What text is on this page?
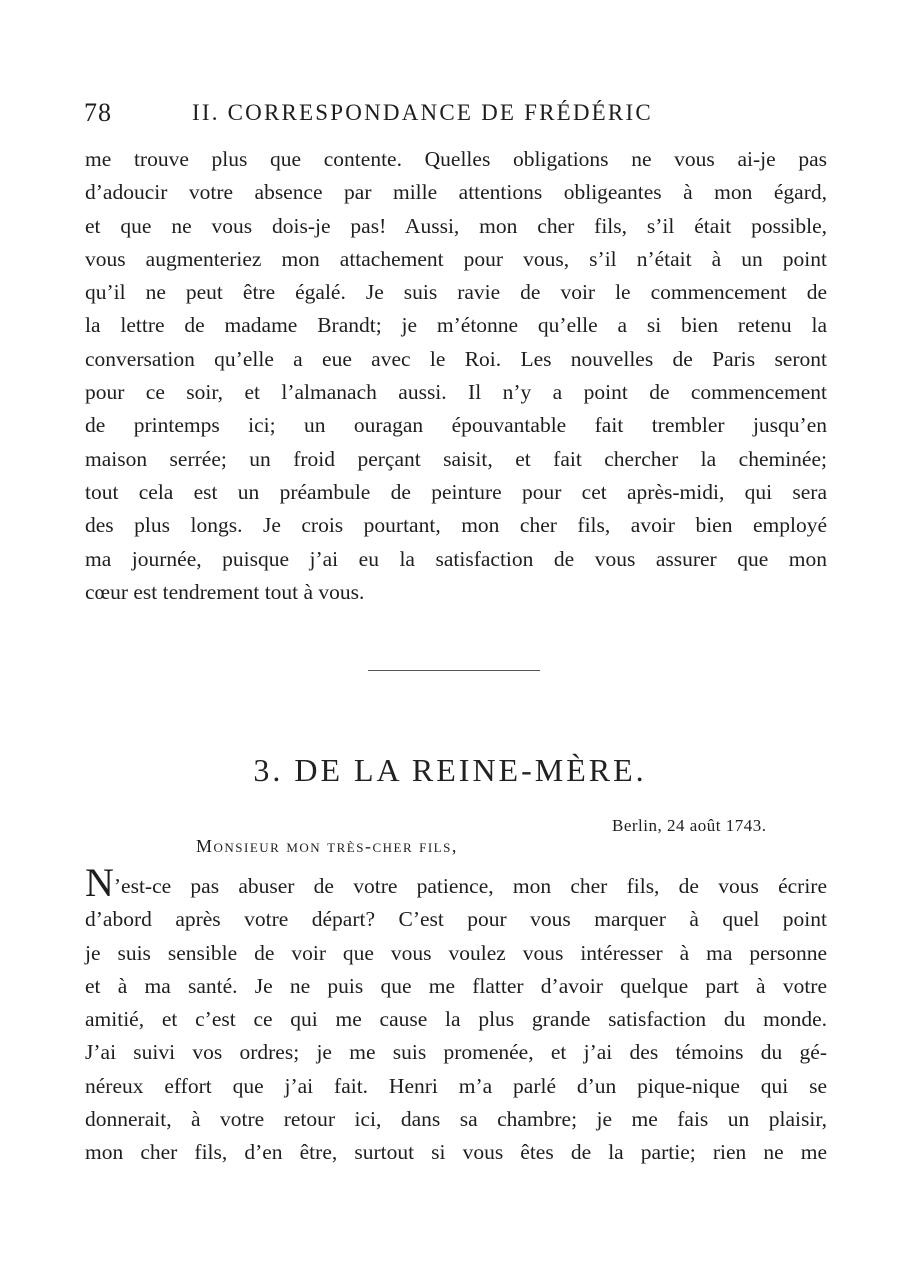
78	II. CORRESPONDANCE DE FRÉDÉRIC
me trouve plus que contente. Quelles obligations ne vous ai-je pas
d’adoucir votre absence par mille attentions obligeantes à mon égard,
et que ne vous dois-je pas! Aussi, mon cher fils, s’il était possible,
vous augmenteriez mon attachement pour vous, s’il n’était à un point
qu’il ne peut être égalé. Je suis ravie de voir le commencement de
la lettre de madame Brandt; je m’étonne qu’elle a si bien retenu la
conversation qu’elle a eue avec le Roi. Les nouvelles de Paris seront
pour ce soir, et l’almanach aussi. Il n’y a point de commencement
de printemps ici; un ouragan épouvantable fait trembler jusqu’en
maison serrée; un froid perçant saisit, et fait chercher la cheminée;
tout cela est un préambule de peinture pour cet après-midi, qui sera
des plus longs. Je crois pourtant, mon cher fils, avoir bien employé
ma journée, puisque j’ai eu la satisfaction de vous assurer que mon
cœur est tendrement tout à vous.
3. DE LA REINE-MÈRE.
Berlin, 24 août 1743.
Monsieur mon très-cher fils,
N’est-ce pas abuser de votre patience, mon cher fils, de vous écrire
d’abord après votre départ? C’est pour vous marquer à quel point
je suis sensible de voir que vous voulez vous intéresser à ma personne
et à ma santé. Je ne puis que me flatter d’avoir quelque part à votre
amitié, et c’est ce qui me cause la plus grande satisfaction du monde.
J’ai suivi vos ordres; je me suis promenée, et j’ai des témoins du gé-
néreux effort que j’ai fait. Henri m’a parlé d’un pique-nique qui se
donnerait, à votre retour ici, dans sa chambre; je me fais un plaisir,
mon cher fils, d’en être, surtout si vous êtes de la partie; rien ne me
